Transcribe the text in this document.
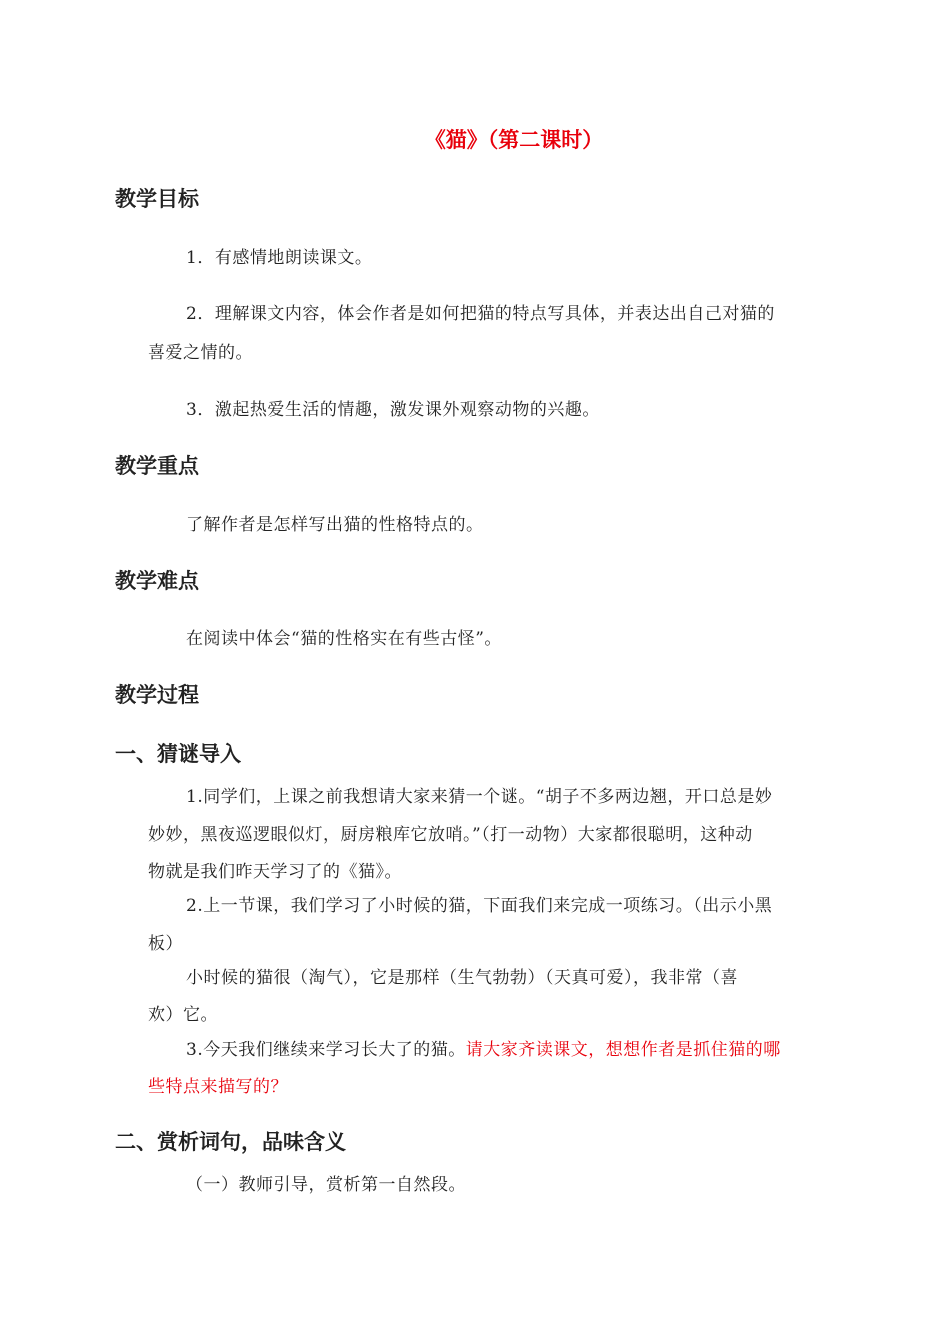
《猫》（第二课时）
教学目标
1．有感情地朗读课文。
2．理解课文内容，体会作者是如何把猫的特点写具体，并表达出自己对猫的
喜爱之情的。
3．激起热爱生活的情趣，激发课外观察动物的兴趣。
教学重点
了解作者是怎样写出猫的性格特点的。
教学难点
在阅读中体会“猫的性格实在有些古怪”。
教学过程
一、猜谜导入
1.同学们，上课之前我想请大家来猜一个谜。“胡子不多两边翘，开口总是妙
妙妙，黑夜巡逻眼似灯，厨房粮库它放哨。”（打一动物）大家都很聪明，这种动
物就是我们昨天学习了的《猫》。
2.上一节课，我们学习了小时候的猫，下面我们来完成一项练习。（出示小黑
板）
小时候的猫很（淘气），它是那样（生气勃勃）（天真可爱），我非常（喜
欢）它。
3.今天我们继续来学习长大了的猫。请大家齐读课文，想想作者是抓住猫的哪
些特点来描写的？
二、赏析词句，品味含义
（一）教师引导，赏析第一自然段。
